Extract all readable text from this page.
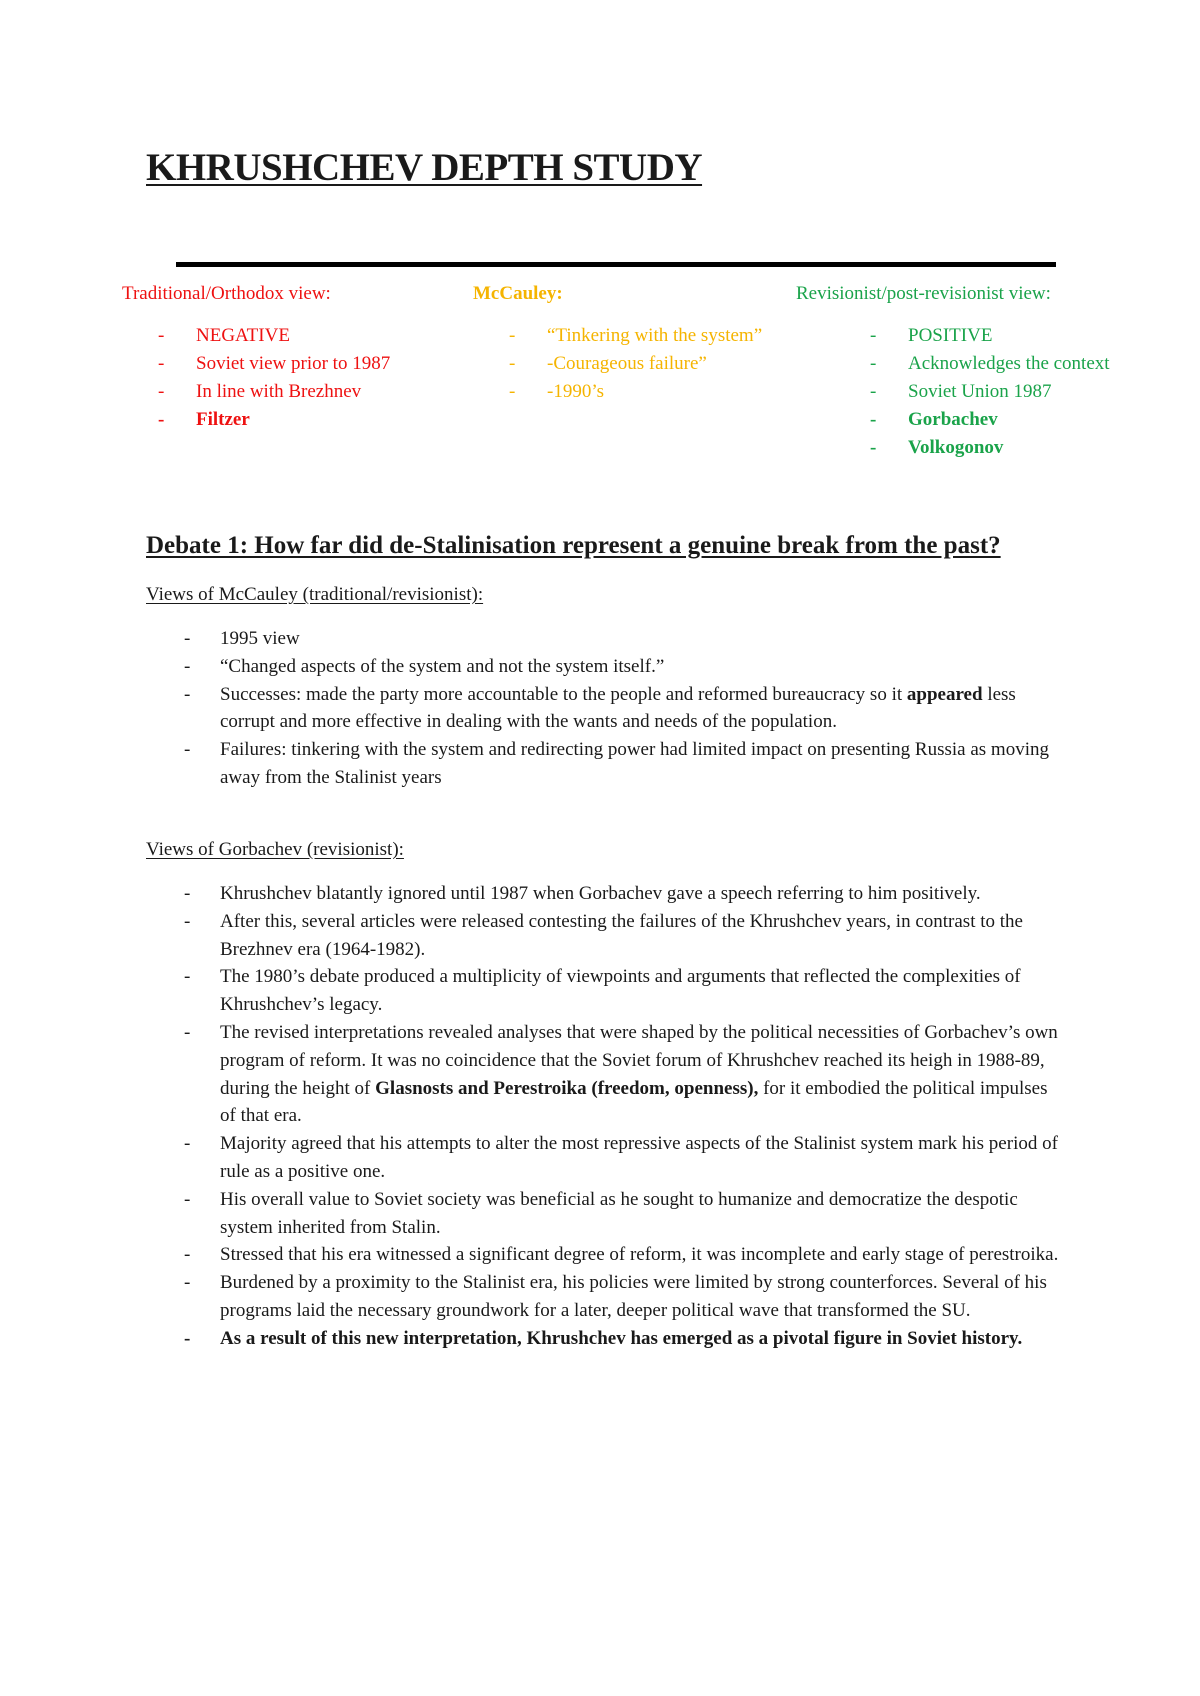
KHRUSHCHEV DEPTH STUDY

Traditional/Orthodox view:

- NEGATIVE
- Soviet view prior to 1987
- In line with Brezhnev
- Filtzer

McCauley:

- “Tinkering with the system”
- -Courageous failure”
- -1990’s

Revisionist/post-revisionist view:

- POSITIVE
- Acknowledges the context
- Soviet Union 1987
- Gorbachev
- Volkogonov
Debate 1: How far did de-Stalinisation represent a genuine break from the past?

Views of McCauley (traditional/revisionist):

- 1995 view
- “Changed aspects of the system and not the system itself.”
- Successes: made the party more accountable to the people and reformed bureaucracy so it appeared less corrupt and more effective in dealing with the wants and needs of the population.
- Failures: tinkering with the system and redirecting power had limited impact on presenting Russia as moving away from the Stalinist years

Views of Gorbachev (revisionist):

- Khrushchev blatantly ignored until 1987 when Gorbachev gave a speech referring to him positively.
- After this, several articles were released contesting the failures of the Khrushchev years, in contrast to the Brezhnev era (1964-1982).
- The 1980’s debate produced a multiplicity of viewpoints and arguments that reflected the complexities of Khrushchev’s legacy.
- The revised interpretations revealed analyses that were shaped by the political necessities of Gorbachev’s own program of reform. It was no coincidence that the Soviet forum of Khrushchev reached its heigh in 1988-89, during the height of Glasnosts and Perestroika (freedom, openness), for it embodied the political impulses of that era.
- Majority agreed that his attempts to alter the most repressive aspects of the Stalinist system mark his period of rule as a positive one.
- His overall value to Soviet society was beneficial as he sought to humanize and democratize the despotic system inherited from Stalin.
- Stressed that his era witnessed a significant degree of reform, it was incomplete and early stage of perestroika.
- Burdened by a proximity to the Stalinist era, his policies were limited by strong counterforces. Several of his programs laid the necessary groundwork for a later, deeper political wave that transformed the SU.
- As a result of this new interpretation, Khrushchev has emerged as a pivotal figure in Soviet history.
